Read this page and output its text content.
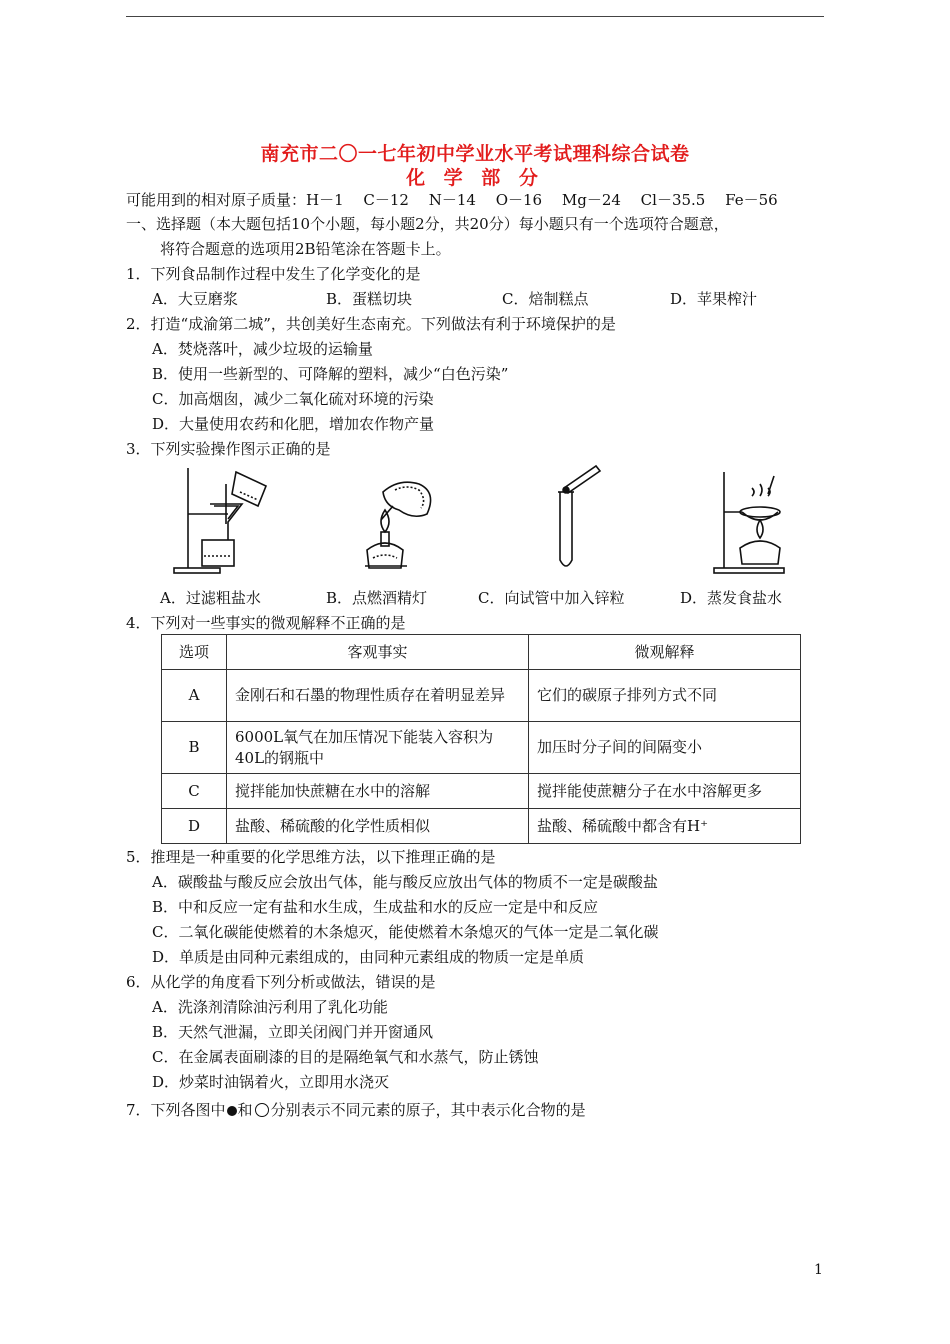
南充市二〇一七年初中学业水平考试理科综合试卷
化 学 部 分
可能用到的相对原子质量：H－1　 C－12　 N－14　 O－16　 Mg－24　 Cl－35.5　 Fe－56
一、选择题（本大题包括10个小题，每小题2分，共20分）每小题只有一个选项符合题意，
将符合题意的选项用2B铅笔涂在答题卡上。
1．下列食品制作过程中发生了化学变化的是
A．大豆磨浆	B．蛋糕切块	C．焙制糕点	D．苹果榨汁
2．打造“成渝第二城”，共创美好生态南充。下列做法有利于环境保护的是
A．焚烧落叶，减少垃圾的运输量
B．使用一些新型的、可降解的塑料，减少“白色污染”
C．加高烟囱，减少二氧化硫对环境的污染
D．大量使用农药和化肥，增加农作物产量
3．下列实验操作图示正确的是
A．过滤粗盐水	B．点燃酒精灯	C．向试管中加入锌粒	D．蒸发食盐水
4．下列对一些事实的微观解释不正确的是
选项	客观事实	微观解释
A	金刚石和石墨的物理性质存在着明显差异	它们的碳原子排列方式不同
B	6000L氧气在加压情况下能装入容积为40L的钢瓶中	加压时分子间的间隔变小
C	搅拌能加快蔗糖在水中的溶解	搅拌能使蔗糖分子在水中溶解更多
D	盐酸、稀硫酸的化学性质相似	盐酸、稀硫酸中都含有H⁺
5．推理是一种重要的化学思维方法，以下推理正确的是
A．碳酸盐与酸反应会放出气体，能与酸反应放出气体的物质不一定是碳酸盐
B．中和反应一定有盐和水生成，生成盐和水的反应一定是中和反应
C．二氧化碳能使燃着的木条熄灭，能使燃着木条熄灭的气体一定是二氧化碳
D．单质是由同种元素组成的，由同种元素组成的物质一定是单质
6．从化学的角度看下列分析或做法，错误的是
A．洗涤剂清除油污利用了乳化功能
B．天然气泄漏，立即关闭阀门并开窗通风
C．在金属表面刷漆的目的是隔绝氧气和水蒸气，防止锈蚀
D．炒菜时油锅着火，立即用水浇灭
7．下列各图中 和 分别表示不同元素的原子，其中表示化合物的是
1
